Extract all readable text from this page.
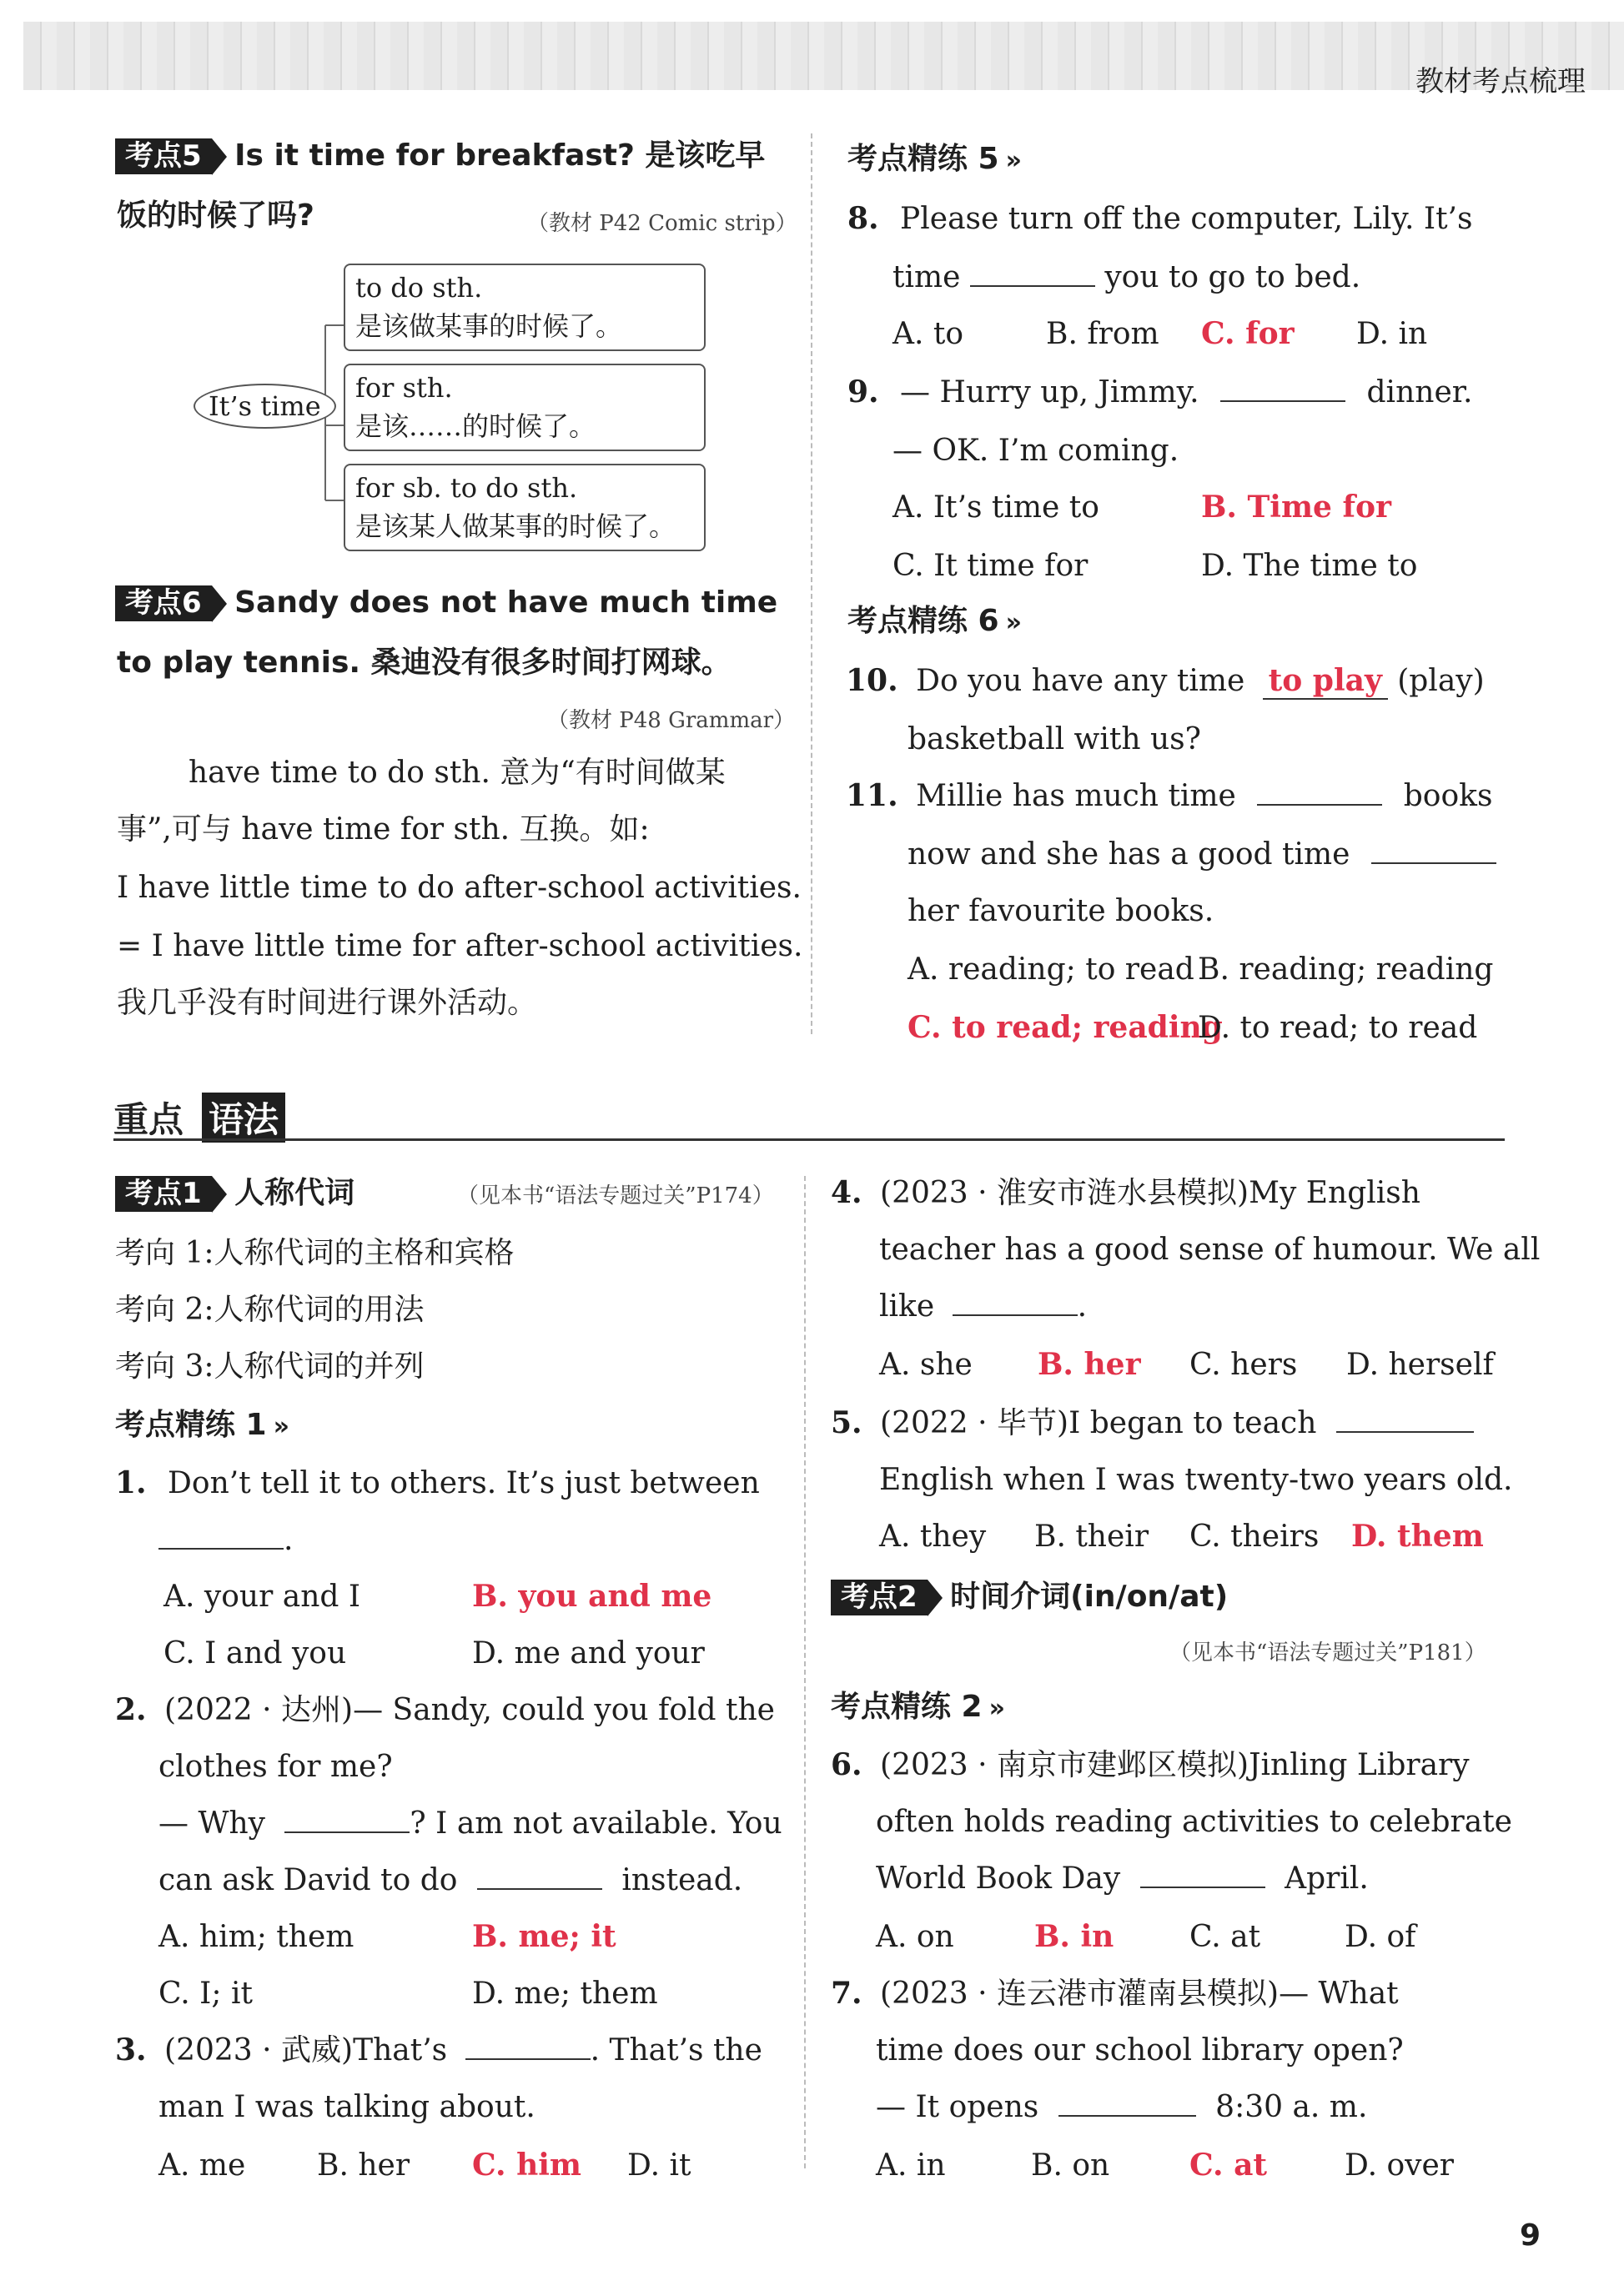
教材考点梳理
考点5 Is it time for breakfast? 是该吃早
饭的时候了吗?	（教材 P42 Comic strip）
It’s time
to do sth.
是该做某事的时候了。
for sth.
是该……的时候了。
for sb. to do sth.
是该某人做某事的时候了。
考点6 Sandy does not have much time
to play tennis. 桑迪没有很多时间打网球。
（教材 P48 Grammar）
have time to do sth. 意为“有时间做某
事”,可与 have time for sth. 互换。如:
I have little time to do after-school activities.
= I have little time for after-school activities.
我几乎没有时间进行课外活动。
考点精练 5 »
8. Please turn off the computer, Lily. It’s
time	you to go to bed.
A. to	B. from C. for D. in
9. — Hurry up, Jimmy.	dinner.
— OK. I’m coming.
A. It’s time to	B. Time for
C. It time for	D. The time to
考点精练 6 »
10. Do you have any time to play (play)
basketball with us?
11. Millie has much time	books
now and she has a good time
her favourite books.
A. reading; to read B. reading; reading
C. to read; reading
D. to read; to read
重点 语法
考点1 人称代词	（见本书“语法专题过关”P174）
考向 1:人称代词的主格和宾格
考向 2:人称代词的用法
考向 3:人称代词的并列
考点精练 1 »
1. Don’t tell it to others. It’s just between
.
A. your and I	B. you and me
C. I and you	D. me and your
2. (2022 · 达州)— Sandy, could you fold the
clothes for me?
— Why	? I am not available. You
can ask David to do	instead.
A. him; them	B. me; it
C. I; it	D. me; them
3. (2023 · 武威)That’s	. That’s the
man I was talking about.
A. me B. her C. him D. it
4. (2023 · 淮安市涟水县模拟)My English
teacher has a good sense of humour. We all
like	.
A. she B. her C. hers D. herself
5. (2022 · 毕节)I began to teach
English when I was twenty-two years old.
A. they B. their C. theirs D. them
考点2 时间介词(in/on/at)
（见本书“语法专题过关”P181）
考点精练 2 »
6. (2023 · 南京市建邺区模拟)Jinling Library
often holds reading activities to celebrate
World Book Day	April.
A. on	B. in	C. at	D. of
7. (2023 · 连云港市灌南县模拟)— What
time does our school library open?
— It opens	8:30 a. m.
A. in	B. on	C. at	D. over
9
